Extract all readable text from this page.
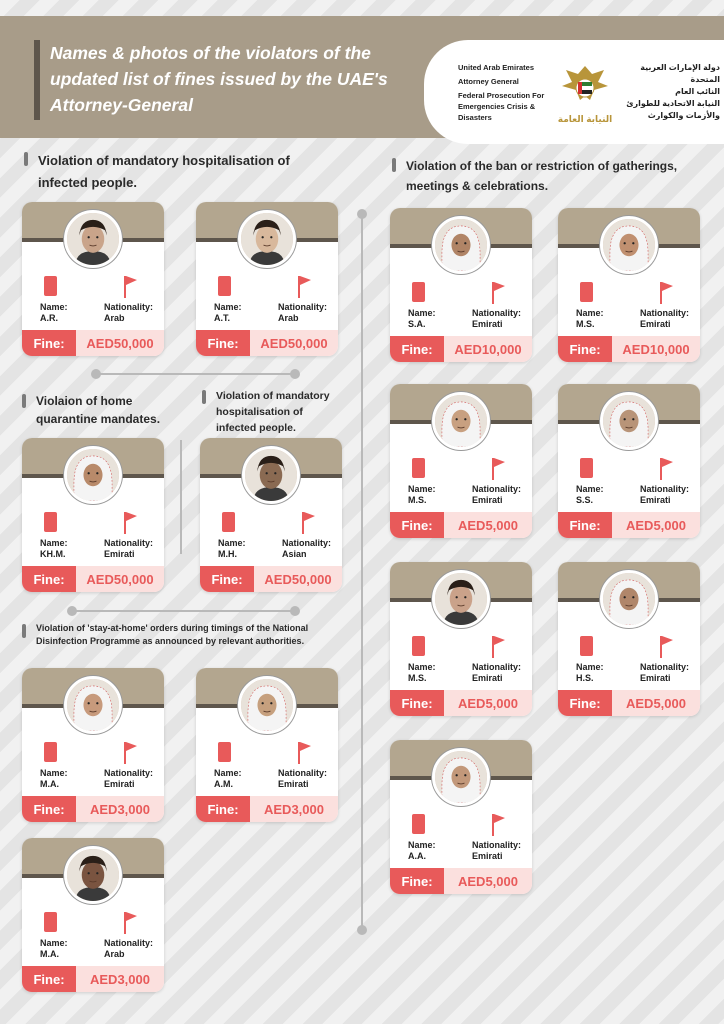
Names & photos of the violators of the updated list of fines issued by the UAE's Attorney-General
United Arab Emirates
Attorney General
Federal Prosecution For Emergencies Crisis & Disasters	النيابة العامة
دولة الإمارات العربية المتحدة
النائب العام
النيابة الاتحادية للطوارئ والأزمات والكوارث
Violation of mandatory hospitalisation of infected people.
Violaion of home quarantine mandates.
Violation of mandatory hospitalisation of infected people.
Violation of 'stay-at-home' orders during timings of the National Disinfection Programme as announced by relevant authorities.
Violation of the ban or restriction of gatherings, meetings & celebrations.
Name:
A.R.
Nationality:
Arab
Fine:	AED50,000
Name:
A.T.
Nationality:
Arab
Fine:	AED50,000
Name:
KH.M.
Nationality:
Emirati
Fine:	AED50,000
Name:
M.H.
Nationality:
Asian
Fine:	AED50,000
Name:
M.A.
Nationality:
Emirati
Fine:	AED3,000
Name:
A.M.
Nationality:
Emirati
Fine:	AED3,000
Name:
M.A.
Nationality:
Arab
Fine:	AED3,000
Name:
S.A.
Nationality:
Emirati
Fine:	AED10,000
Name:
M.S.
Nationality:
Emirati
Fine:	AED10,000
Name:
M.S.
Nationality:
Emirati
Fine:	AED5,000
Name:
S.S.
Nationality:
Emirati
Fine:	AED5,000
Name:
M.S.
Nationality:
Emirati
Fine:	AED5,000
Name:
H.S.
Nationality:
Emirati
Fine:	AED5,000
Name:
A.A.
Nationality:
Emirati
Fine:	AED5,000
